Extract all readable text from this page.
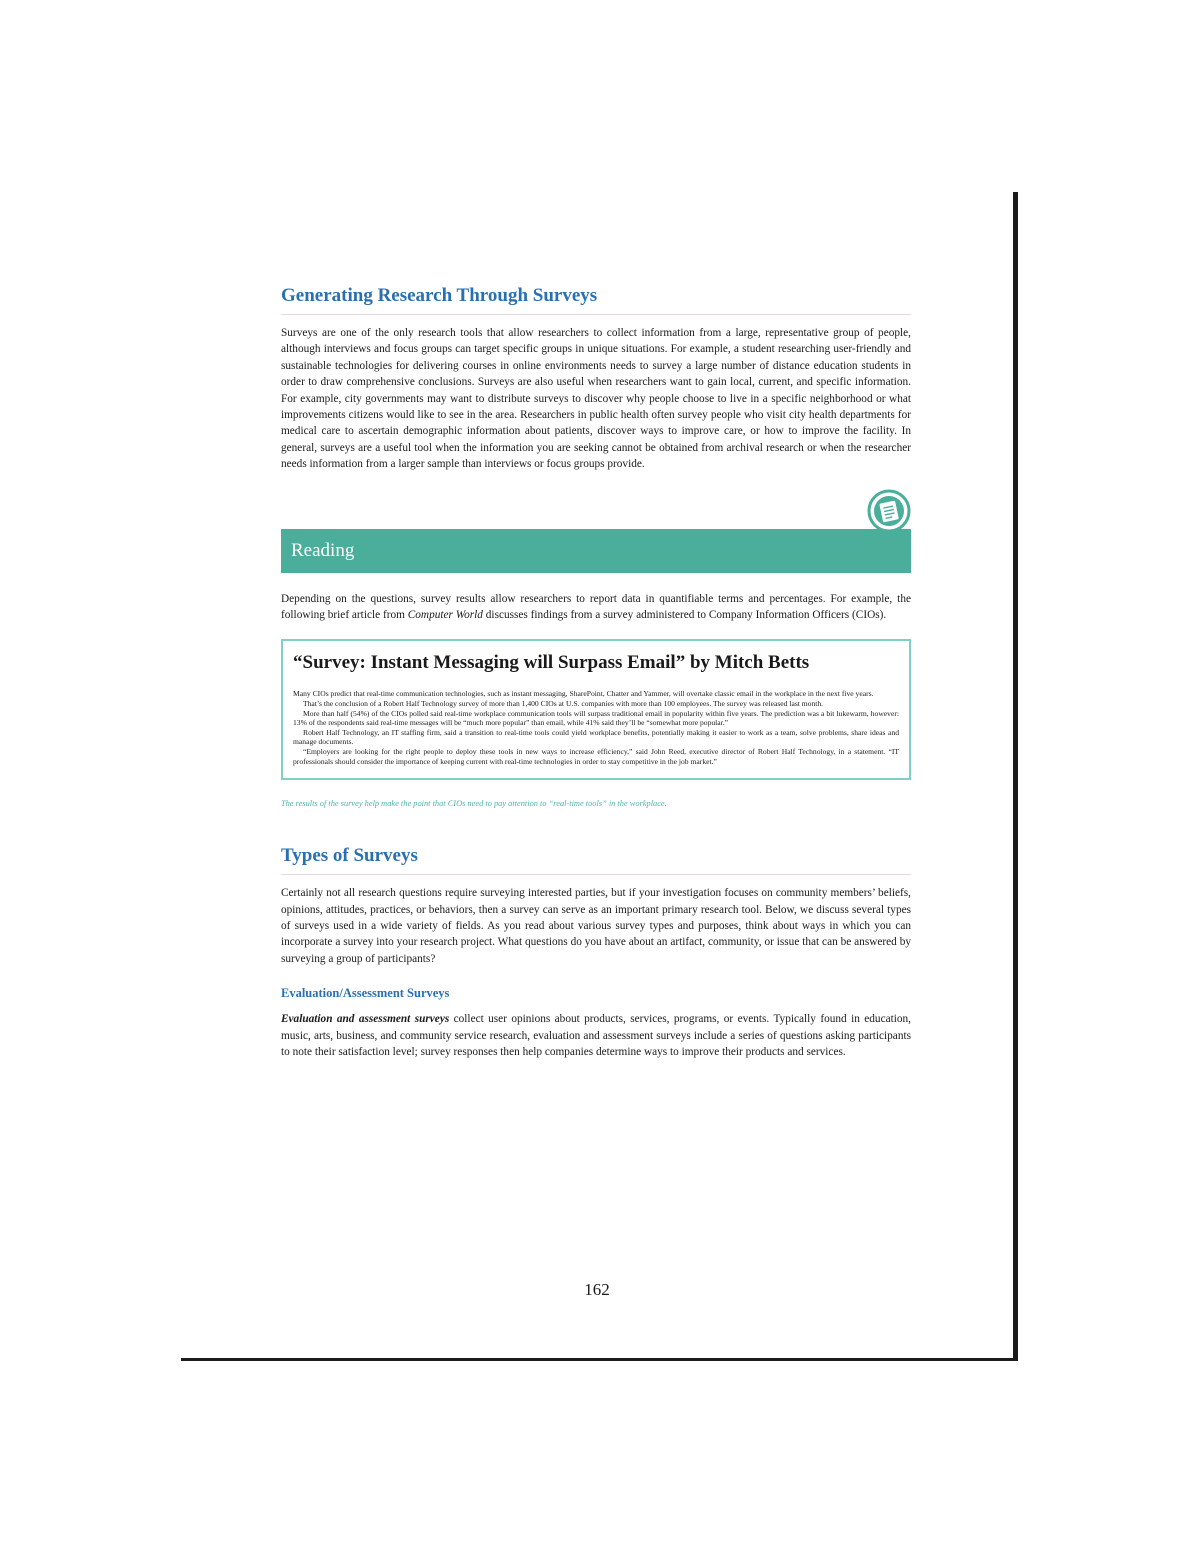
Generating Research Through Surveys

Surveys are one of the only research tools that allow researchers to collect information from a large, representative group of people, although interviews and focus groups can target specific groups in unique situations. For example, a student researching user-friendly and sustainable technologies for delivering courses in online environments needs to survey a large number of distance education students in order to draw comprehensive conclusions. Surveys are also useful when researchers want to gain local, current, and specific information. For example, city governments may want to distribute surveys to discover why people choose to live in a specific neighborhood or what improvements citizens would like to see in the area. Researchers in public health often survey people who visit city health departments for medical care to ascertain demographic information about patients, discover ways to improve care, or how to improve the facility. In general, surveys are a useful tool when the information you are seeking cannot be obtained from archival research or when the researcher needs information from a larger sample than interviews or focus groups provide.

Reading

Depending on the questions, survey results allow researchers to report data in quantifiable terms and percentages. For example, the following brief article from Computer World discusses findings from a survey administered to Company Information Officers (CIOs).

“Survey: Instant Messaging will Surpass Email” by Mitch Betts

Many CIOs predict that real-time communication technologies, such as instant messaging, SharePoint, Chatter and Yammer, will overtake classic email in the workplace in the next five years.

That’s the conclusion of a Robert Half Technology survey of more than 1,400 CIOs at U.S. companies with more than 100 employees. The survey was released last month.

More than half (54%) of the CIOs polled said real-time workplace communication tools will surpass traditional email in popularity within five years. The prediction was a bit lukewarm, however: 13% of the respondents said real-time messages will be “much more popular” than email, while 41% said they’ll be “somewhat more popular.”

Robert Half Technology, an IT staffing firm, said a transition to real-time tools could yield workplace benefits, potentially making it easier to work as a team, solve problems, share ideas and manage documents.

“Employers are looking for the right people to deploy these tools in new ways to increase efficiency,” said John Reed, executive director of Robert Half Technology, in a statement. “IT professionals should consider the importance of keeping current with real-time technologies in order to stay competitive in the job market.”

The results of the survey help make the point that CIOs need to pay attention to “real-time tools” in the workplace.
Types of Surveys

Certainly not all research questions require surveying interested parties, but if your investigation focuses on community members’ beliefs, opinions, attitudes, practices, or behaviors, then a survey can serve as an important primary research tool. Below, we discuss several types of surveys used in a wide variety of fields. As you read about various survey types and purposes, think about ways in which you can incorporate a survey into your research project. What questions do you have about an artifact, community, or issue that can be answered by surveying a group of participants?

Evaluation/Assessment Surveys

Evaluation and assessment surveys collect user opinions about products, services, programs, or events. Typically found in education, music, arts, business, and community service research, evaluation and assessment surveys include a series of questions asking participants to note their satisfaction level; survey responses then help companies determine ways to improve their products and services.

162
